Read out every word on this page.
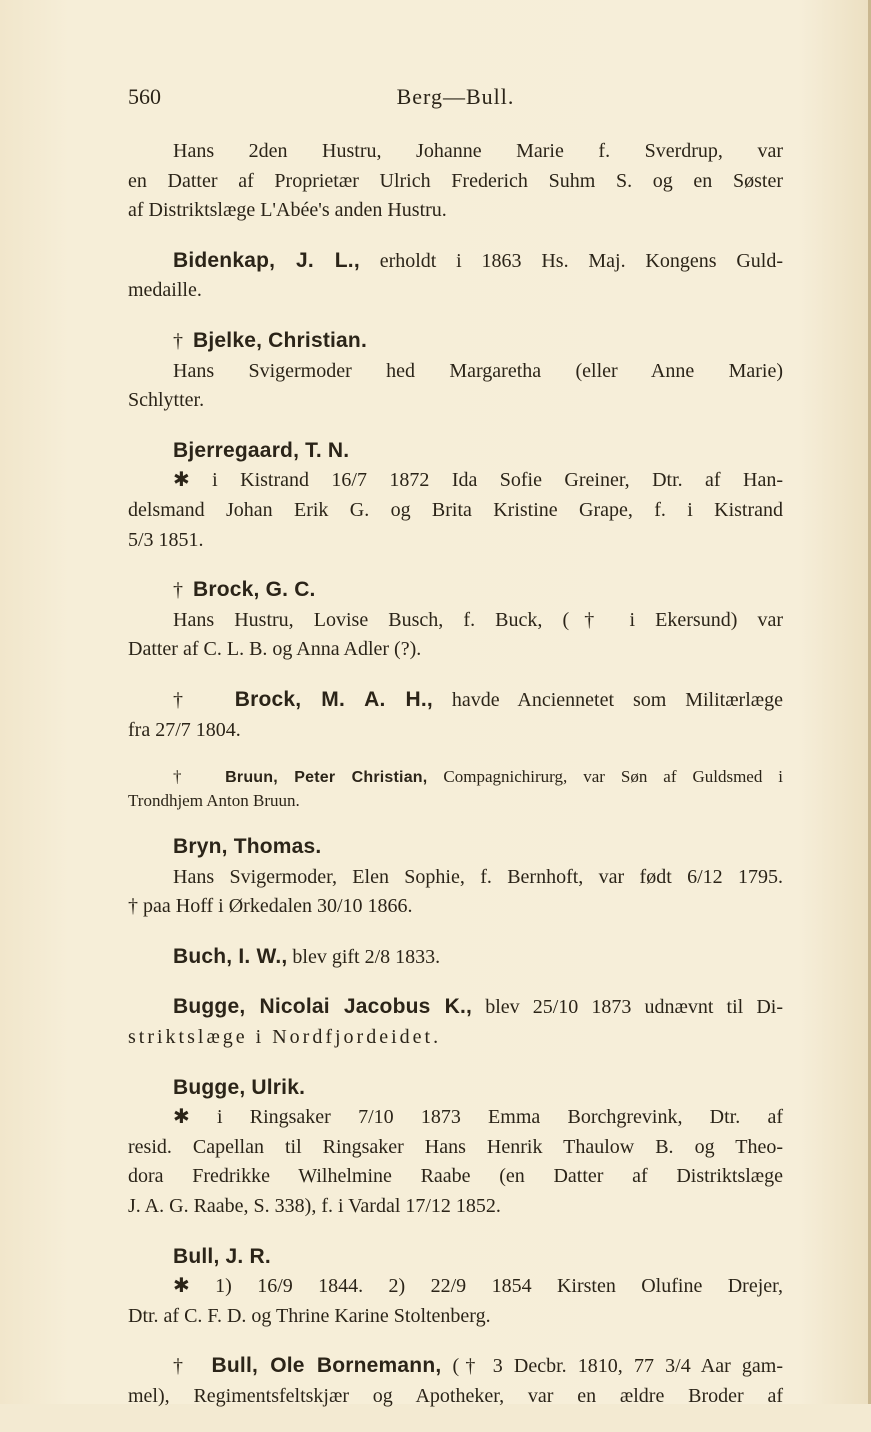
560	Berg—Bull.
Hans 2den Hustru, Johanne Marie f. Sverdrup, var
en Datter af Proprietær Ulrich Frederich Suhm S. og en Søster
af Distriktslæge L'Abée's anden Hustru.
Bidenkap, J. L., erholdt i 1863 Hs. Maj. Kongens Guld-
medaille.
† Bjelke, Christian.
Hans Svigermoder hed Margaretha (eller Anne Marie)
Schlytter.
Bjerregaard, T. N.
✱ i Kistrand 16/7 1872 Ida Sofie Greiner, Dtr. af Han-
delsmand Johan Erik G. og Brita Kristine Grape, f. i Kistrand
5/3 1851.
† Brock, G. C.
Hans Hustru, Lovise Busch, f. Buck, († i Ekersund) var
Datter af C. L. B. og Anna Adler (?).
† Brock, M. A. H., havde Anciennetet som Militærlæge
fra 27/7 1804.
† Bruun, Peter Christian, Compagnichirurg, var Søn af Guldsmed i
Trondhjem Anton Bruun.
Bryn, Thomas.
Hans Svigermoder, Elen Sophie, f. Bernhoft, var født 6/12 1795.
† paa Hoff i Ørkedalen 30/10 1866.
Buch, I. W., blev gift 2/8 1833.
Bugge, Nicolai Jacobus K., blev 25/10 1873 udnævnt til Di-
striktslæge i Nordfjordeidet.
Bugge, Ulrik.
✱ i Ringsaker 7/10 1873 Emma Borchgrevink, Dtr. af
resid. Capellan til Ringsaker Hans Henrik Thaulow B. og Theo-
dora Fredrikke Wilhelmine Raabe (en Datter af Distriktslæge
J. A. G. Raabe, S. 338), f. i Vardal 17/12 1852.
Bull, J. R.
✱ 1) 16/9 1844. 2) 22/9 1854 Kirsten Olufine Drejer,
Dtr. af C. F. D. og Thrine Karine Stoltenberg.
† Bull, Ole Bornemann, († 3 Decbr. 1810, 77 3/4 Aar gam-
mel), Regimentsfeltskjær og Apotheker, var en ældre Broder af
